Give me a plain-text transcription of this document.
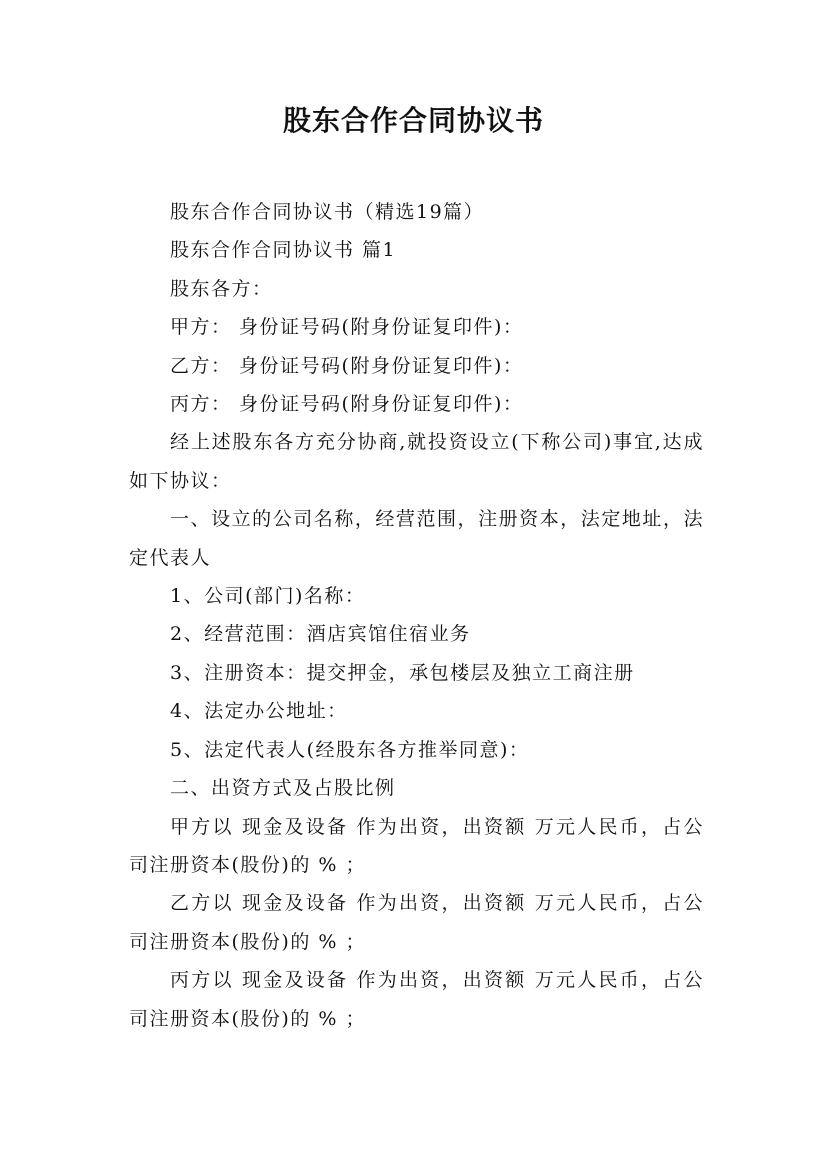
股东合作合同协议书

股东合作合同协议书（精选19篇）

股东合作合同协议书 篇1

股东各方：

甲方： 身份证号码(附身份证复印件)：

乙方： 身份证号码(附身份证复印件)：

丙方： 身份证号码(附身份证复印件)：

经上述股东各方充分协商,就投资设立(下称公司)事宜,达成如下协议：

一、设立的公司名称，经营范围，注册资本，法定地址，法定代表人

1、公司(部门)名称：

2、经营范围：酒店宾馆住宿业务

3、注册资本：提交押金，承包楼层及独立工商注册

4、法定办公地址：

5、法定代表人(经股东各方推举同意)：

二、出资方式及占股比例

甲方以 现金及设备 作为出资，出资额 万元人民币，占公司注册资本(股份)的 % ；

乙方以 现金及设备 作为出资，出资额 万元人民币，占公司注册资本(股份)的 % ；

丙方以 现金及设备 作为出资，出资额 万元人民币，占公司注册资本(股份)的 % ；
